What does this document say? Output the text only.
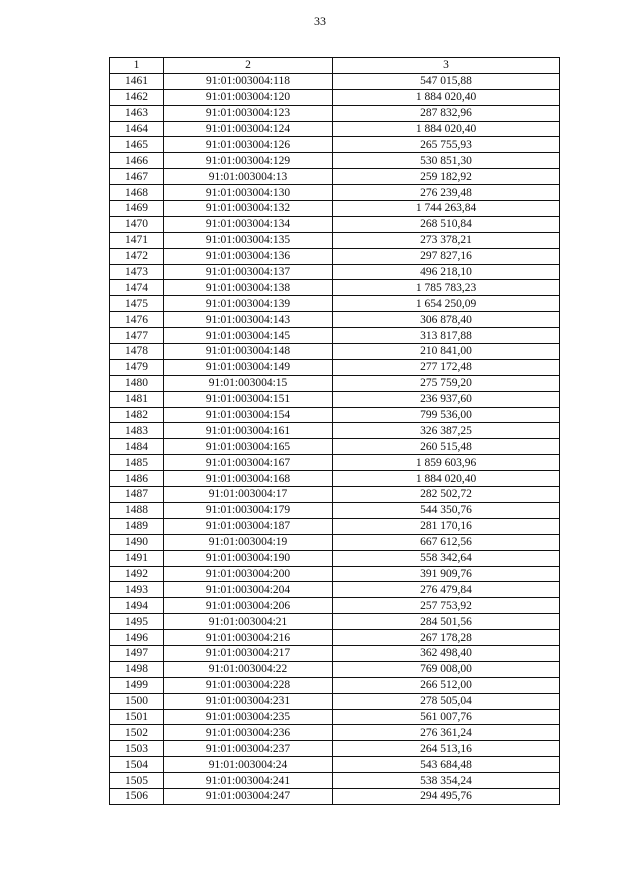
33
1	2	3
1461	91:01:003004:118	547 015,88
1462	91:01:003004:120	1 884 020,40
1463	91:01:003004:123	287 832,96
1464	91:01:003004:124	1 884 020,40
1465	91:01:003004:126	265 755,93
1466	91:01:003004:129	530 851,30
1467	91:01:003004:13	259 182,92
1468	91:01:003004:130	276 239,48
1469	91:01:003004:132	1 744 263,84
1470	91:01:003004:134	268 510,84
1471	91:01:003004:135	273 378,21
1472	91:01:003004:136	297 827,16
1473	91:01:003004:137	496 218,10
1474	91:01:003004:138	1 785 783,23
1475	91:01:003004:139	1 654 250,09
1476	91:01:003004:143	306 878,40
1477	91:01:003004:145	313 817,88
1478	91:01:003004:148	210 841,00
1479	91:01:003004:149	277 172,48
1480	91:01:003004:15	275 759,20
1481	91:01:003004:151	236 937,60
1482	91:01:003004:154	799 536,00
1483	91:01:003004:161	326 387,25
1484	91:01:003004:165	260 515,48
1485	91:01:003004:167	1 859 603,96
1486	91:01:003004:168	1 884 020,40
1487	91:01:003004:17	282 502,72
1488	91:01:003004:179	544 350,76
1489	91:01:003004:187	281 170,16
1490	91:01:003004:19	667 612,56
1491	91:01:003004:190	558 342,64
1492	91:01:003004:200	391 909,76
1493	91:01:003004:204	276 479,84
1494	91:01:003004:206	257 753,92
1495	91:01:003004:21	284 501,56
1496	91:01:003004:216	267 178,28
1497	91:01:003004:217	362 498,40
1498	91:01:003004:22	769 008,00
1499	91:01:003004:228	266 512,00
1500	91:01:003004:231	278 505,04
1501	91:01:003004:235	561 007,76
1502	91:01:003004:236	276 361,24
1503	91:01:003004:237	264 513,16
1504	91:01:003004:24	543 684,48
1505	91:01:003004:241	538 354,24
1506	91:01:003004:247	294 495,76
